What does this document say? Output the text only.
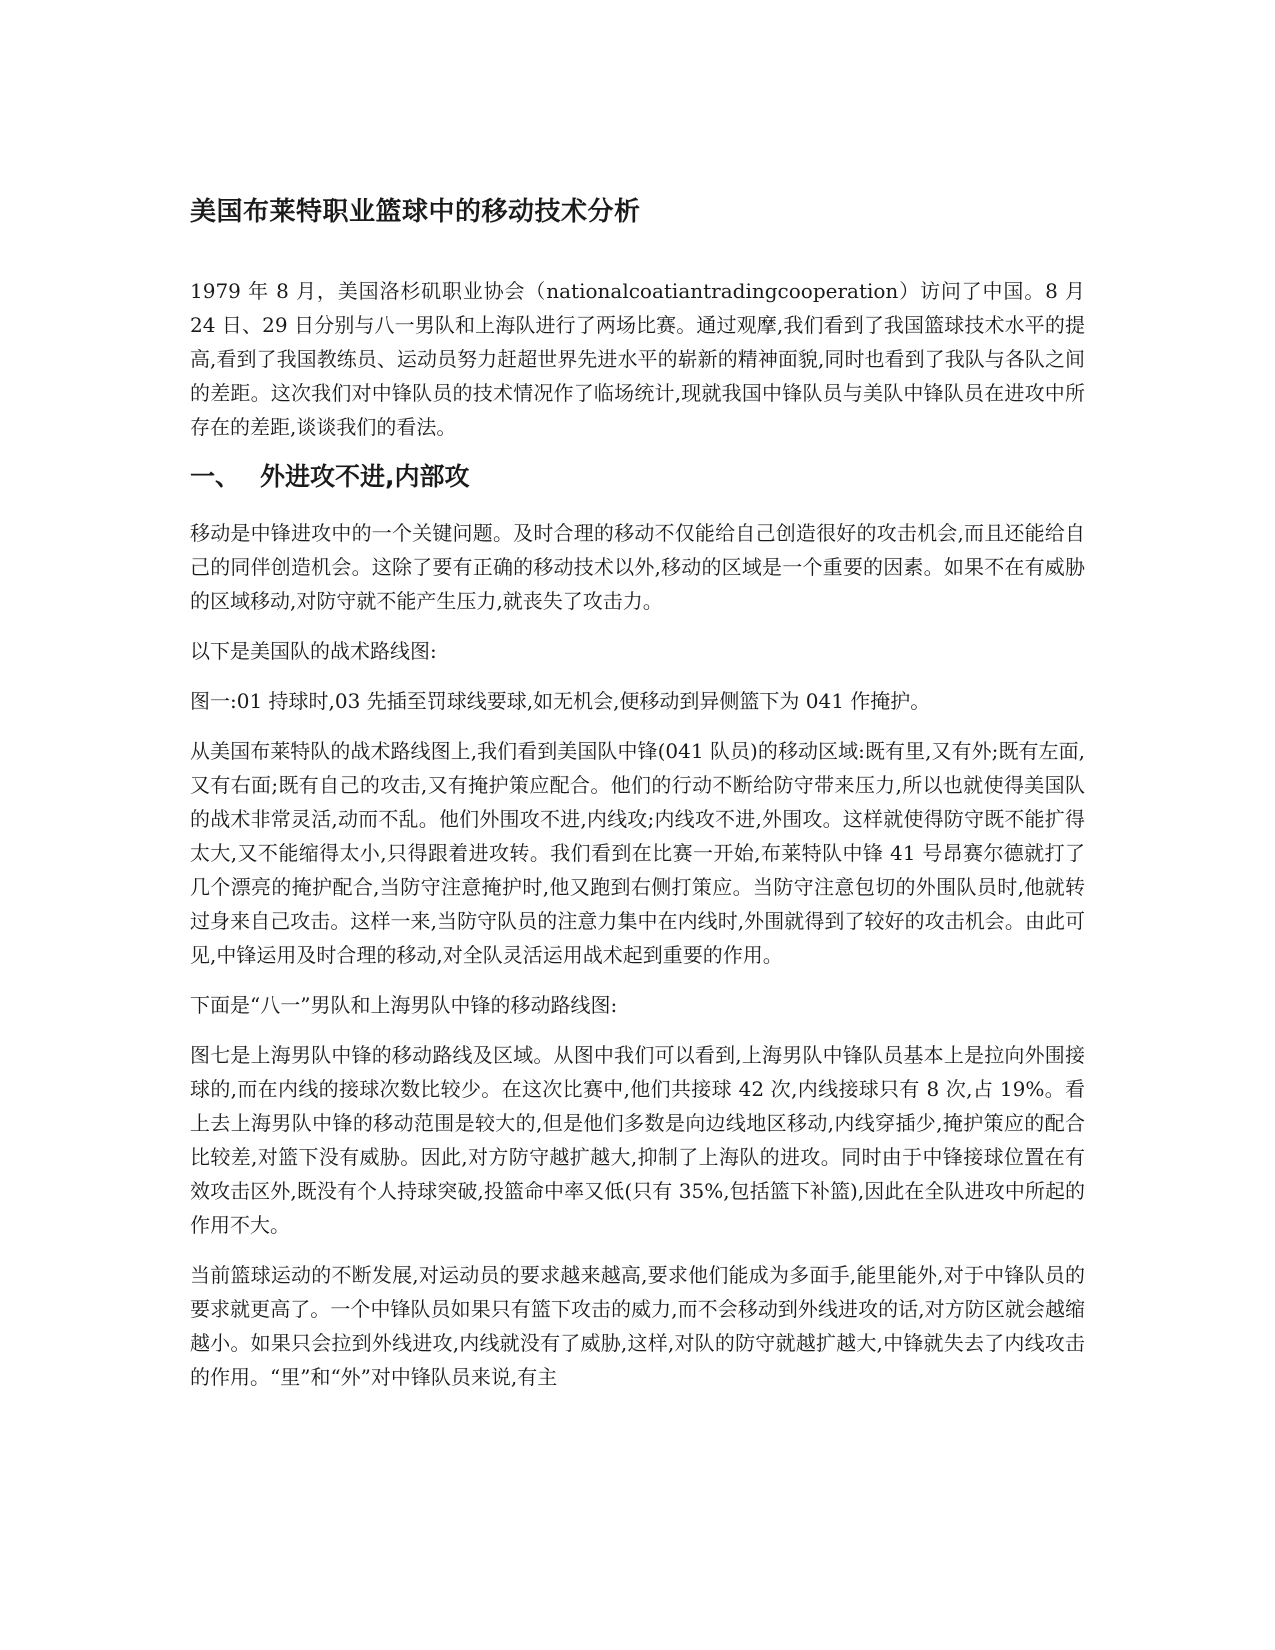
美国布莱特职业篮球中的移动技术分析

1979 年 8 月，美国洛杉矶职业协会（nationalcoatiantradingcooperation）访问了中国。8 月 24 日、29 日分别与八一男队和上海队进行了两场比赛。通过观摩,我们看到了我国篮球技术水平的提高,看到了我国教练员、运动员努力赶超世界先进水平的崭新的精神面貌,同时也看到了我队与各队之间的差距。这次我们对中锋队员的技术情况作了临场统计,现就我国中锋队员与美队中锋队员在进攻中所存在的差距,谈谈我们的看法。

一、 外进攻不进,内部攻

移动是中锋进攻中的一个关键问题。及时合理的移动不仅能给自己创造很好的攻击机会,而且还能给自己的同伴创造机会。这除了要有正确的移动技术以外,移动的区域是一个重要的因素。如果不在有威胁的区域移动,对防守就不能产生压力,就丧失了攻击力。

以下是美国队的战术路线图:

图一:01 持球时,03 先插至罚球线要球,如无机会,便移动到异侧篮下为 041 作掩护。

从美国布莱特队的战术路线图上,我们看到美国队中锋(041 队员)的移动区域:既有里,又有外;既有左面,又有右面;既有自己的攻击,又有掩护策应配合。他们的行动不断给防守带来压力,所以也就使得美国队的战术非常灵活,动而不乱。他们外围攻不进,内线攻;内线攻不进,外围攻。这样就使得防守既不能扩得太大,又不能缩得太小,只得跟着进攻转。我们看到在比赛一开始,布莱特队中锋 41 号昂赛尔德就打了几个漂亮的掩护配合,当防守注意掩护时,他又跑到右侧打策应。当防守注意包切的外围队员时,他就转过身来自己攻击。这样一来,当防守队员的注意力集中在内线时,外围就得到了较好的攻击机会。由此可见,中锋运用及时合理的移动,对全队灵活运用战术起到重要的作用。

下面是“八一”男队和上海男队中锋的移动路线图:

图七是上海男队中锋的移动路线及区域。从图中我们可以看到,上海男队中锋队员基本上是拉向外围接球的,而在内线的接球次数比较少。在这次比赛中,他们共接球 42 次,内线接球只有 8 次,占 19%。看上去上海男队中锋的移动范围是较大的,但是他们多数是向边线地区移动,内线穿插少,掩护策应的配合比较差,对篮下没有威胁。因此,对方防守越扩越大,抑制了上海队的进攻。同时由于中锋接球位置在有效攻击区外,既没有个人持球突破,投篮命中率又低(只有 35%,包括篮下补篮),因此在全队进攻中所起的作用不大。

当前篮球运动的不断发展,对运动员的要求越来越高,要求他们能成为多面手,能里能外,对于中锋队员的要求就更高了。一个中锋队员如果只有篮下攻击的威力,而不会移动到外线进攻的话,对方防区就会越缩越小。如果只会拉到外线进攻,内线就没有了威胁,这样,对队的防守就越扩越大,中锋就失去了内线攻击的作用。“里”和“外”对中锋队员来说,有主
